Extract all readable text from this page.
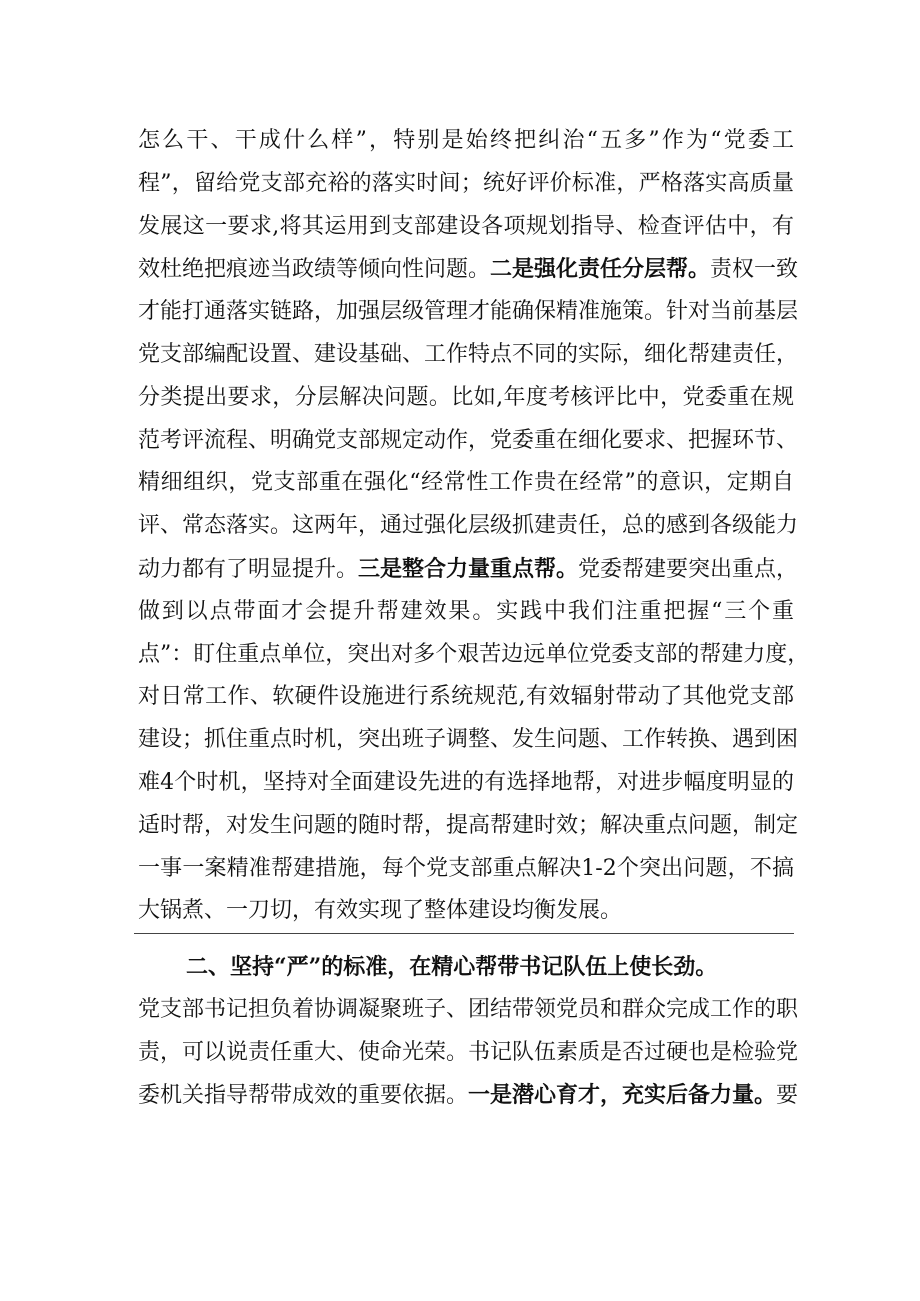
怎么干、干成什么样”，特别是始终把纠治“五多”作为“党委工
程”，留给党支部充裕的落实时间；统好评价标准，严格落实高质量
发展这一要求,将其运用到支部建设各项规划指导、检查评估中，有
效杜绝把痕迹当政绩等倾向性问题。二是强化责任分层帮。责权一致
才能打通落实链路，加强层级管理才能确保精准施策。针对当前基层
党支部编配设置、建设基础、工作特点不同的实际，细化帮建责任，
分类提出要求，分层解决问题。比如,年度考核评比中，党委重在规
范考评流程、明确党支部规定动作，党委重在细化要求、把握环节、
精细组织，党支部重在强化“经常性工作贵在经常”的意识，定期自
评、常态落实。这两年，通过强化层级抓建责任，总的感到各级能力
动力都有了明显提升。三是整合力量重点帮。党委帮建要突出重点，
做到以点带面才会提升帮建效果。实践中我们注重把握“三个重
点”：盯住重点单位，突出对多个艰苦边远单位党委支部的帮建力度，
对日常工作、软硬件设施进行系统规范,有效辐射带动了其他党支部
建设；抓住重点时机，突出班子调整、发生问题、工作转换、遇到困
难4个时机，坚持对全面建设先进的有选择地帮，对进步幅度明显的
适时帮，对发生问题的随时帮，提高帮建时效；解决重点问题，制定
一事一案精准帮建措施，每个党支部重点解决1-2个突出问题，不搞
大锅煮、一刀切，有效实现了整体建设均衡发展。
二、坚持“严”的标准，在精心帮带书记队伍上使长劲。
党支部书记担负着协调凝聚班子、团结带领党员和群众完成工作的职
责，可以说责任重大、使命光荣。书记队伍素质是否过硬也是检验党
委机关指导帮带成效的重要依据。一是潜心育才，充实后备力量。要
